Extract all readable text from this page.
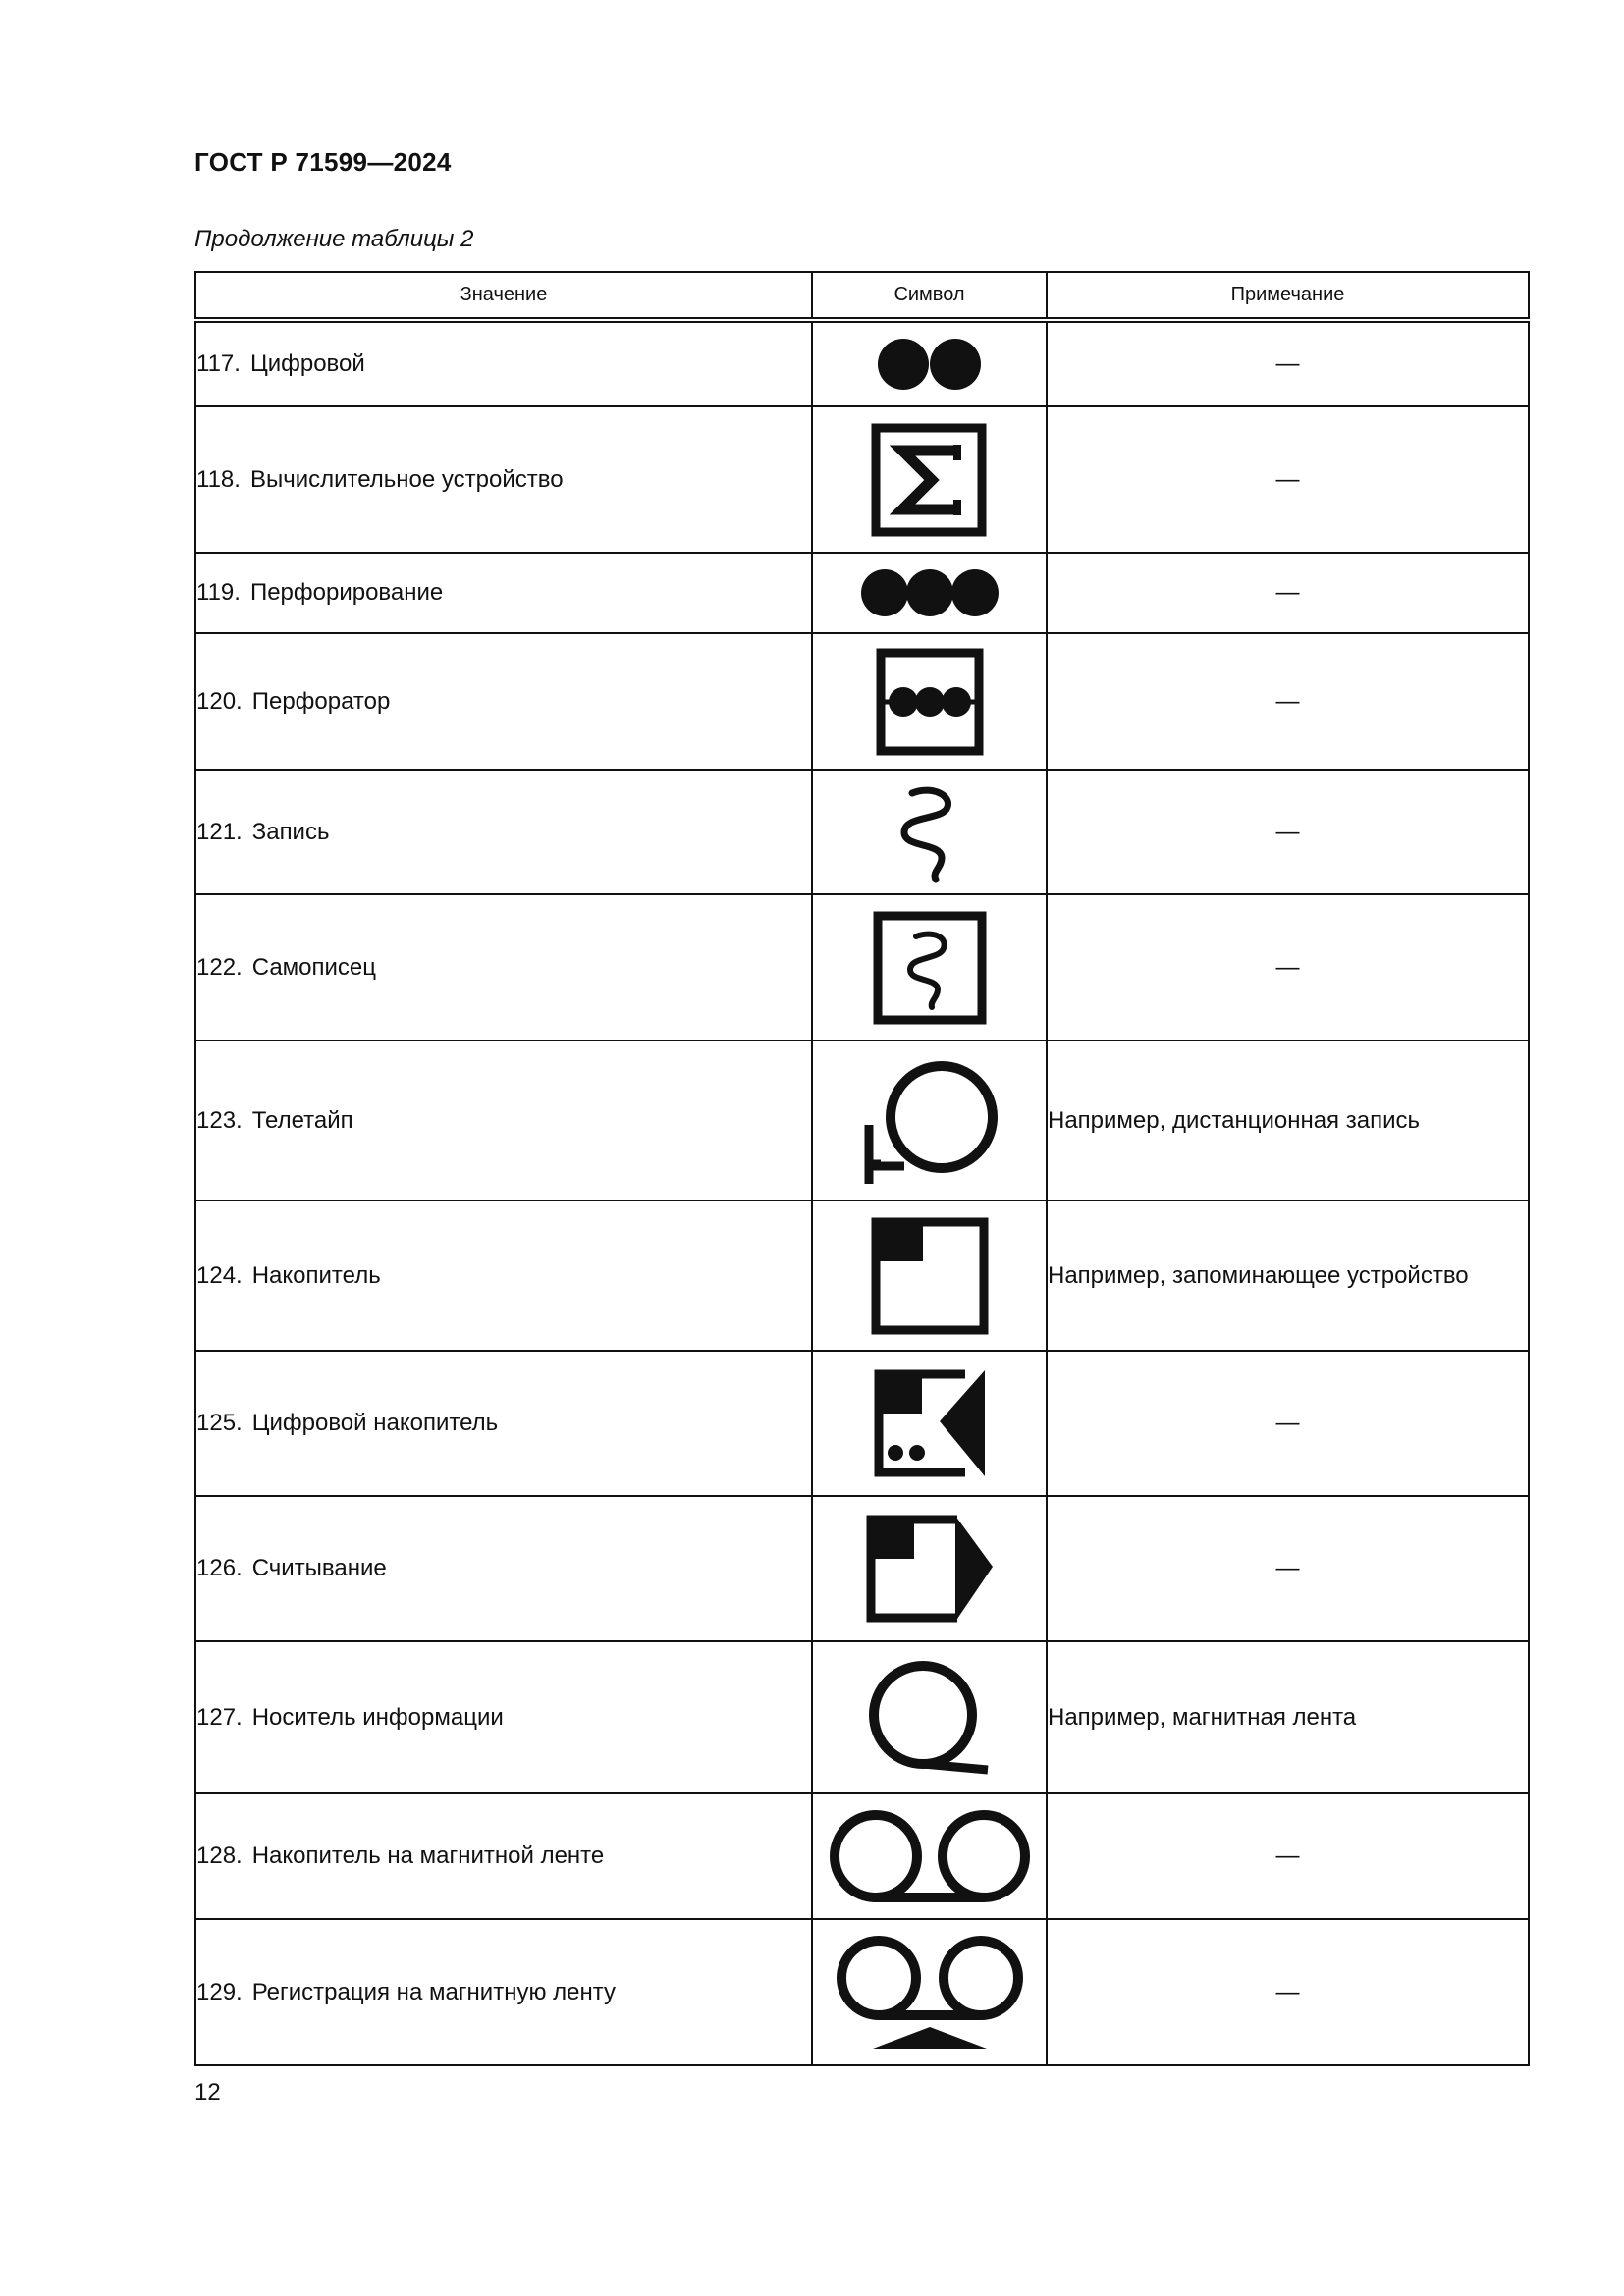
ГОСТ Р 71599—2024
Продолжение таблицы 2
Значение	Символ	Примечание
117. Цифровой		—
118. Вычислительное устройство		—
119. Перфорирование		—
120. Перфоратор		—
121. Запись		—
122. Самописец		—
123. Телетайп		Например, дистанционная запись
124. Накопитель		Например, запоминающее устройство
125. Цифровой накопитель		—
126. Считывание		—
127. Носитель информации		Например, магнитная лента
128. Накопитель на магнитной ленте		—
129. Регистрация на магнитную ленту		—
12
